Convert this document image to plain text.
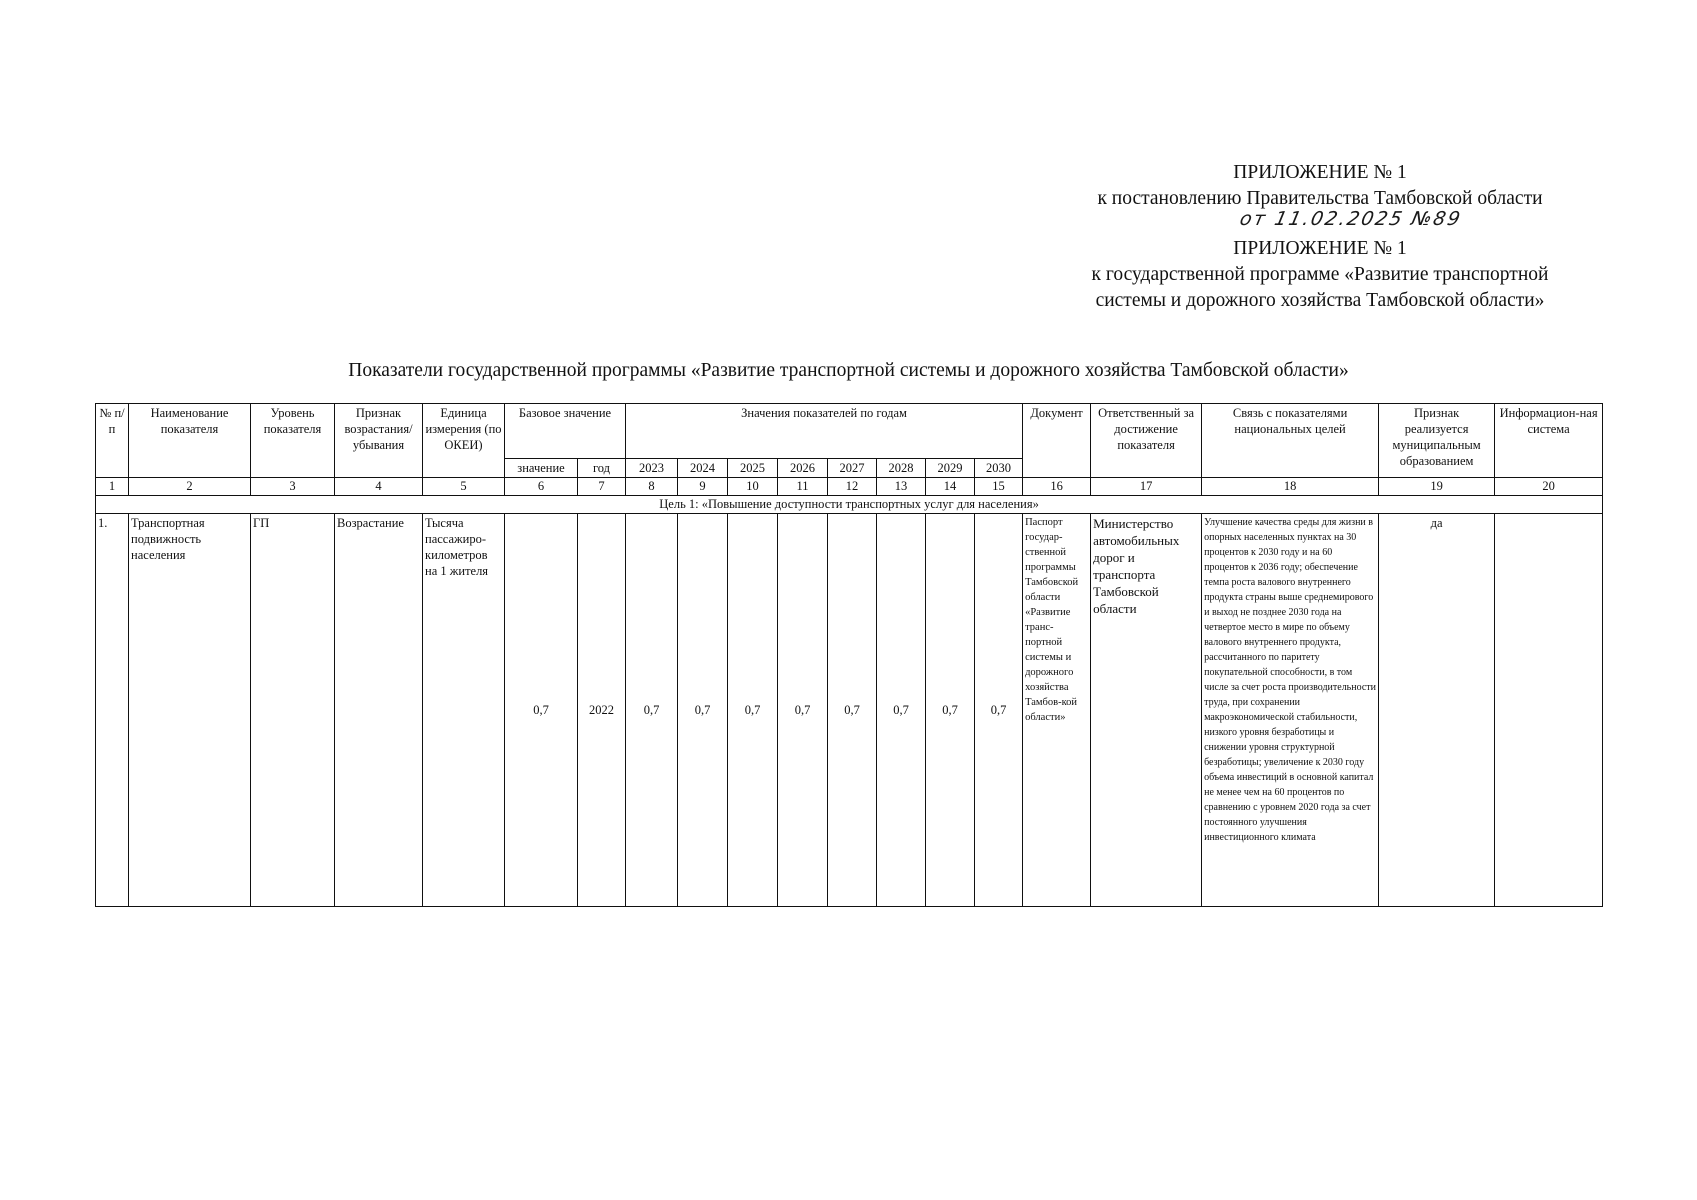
ПРИЛОЖЕНИЕ № 1
к постановлению Правительства Тамбовской области
от 11.02.2025 №89
ПРИЛОЖЕНИЕ № 1
к государственной программе «Развитие транспортной
системы и дорожного хозяйства Тамбовской области»
Показатели государственной программы «Развитие транспортной системы и дорожного хозяйства Тамбовской области»
№ п/п	Наименование показателя	Уровень показателя	Признак возрастания/ убывания	Единица измерения (по ОКЕИ)	Базовое значение		Значения показателей по годам								Документ	Ответственный за достижение показателя	Связь с показателями национальных целей	Признак реализуется муниципальным образованием	Информацион-ная система
					значение	год	2023	2024	2025	2026	2027	2028	2029	2030					
1	2	3	4	5	6	7	8	9	10	11	12	13	14	15	16	17	18	19	20
Цель 1: «Повышение доступности транспортных услуг для населения»																			
1.	Транспортная подвижность населения	ГП	Возрастание	Тысяча пассажиро-километров на 1 жителя	0,7	2022	0,7	0,7	0,7	0,7	0,7	0,7	0,7	0,7	Паспорт государ-ственной программы Тамбовской области «Развитие транс-портной системы и дорожного хозяйства Тамбов-кой области»	Министерство автомобильных дорог и транспорта Тамбовской области	Улучшение качества среды для жизни в опорных населенных пунктах на 30 процентов к 2030 году и на 60 процентов к 2036 году; обеспечение темпа роста валового внутреннего продукта страны выше среднемирового и выход не позднее 2030 года на четвертое место в мире по объему валового внутреннего продукта, рассчитанного по паритету покупательной способности, в том числе за счет роста производительности труда, при сохранении макроэкономической стабильности, низкого уровня безработицы и снижении уровня структурной безработицы; увеличение к 2030 году объема инвестиций в основной капитал не менее чем на 60 процентов по сравнению с уровнем 2020 года за счет постоянного улучшения инвестиционного климата	да	
